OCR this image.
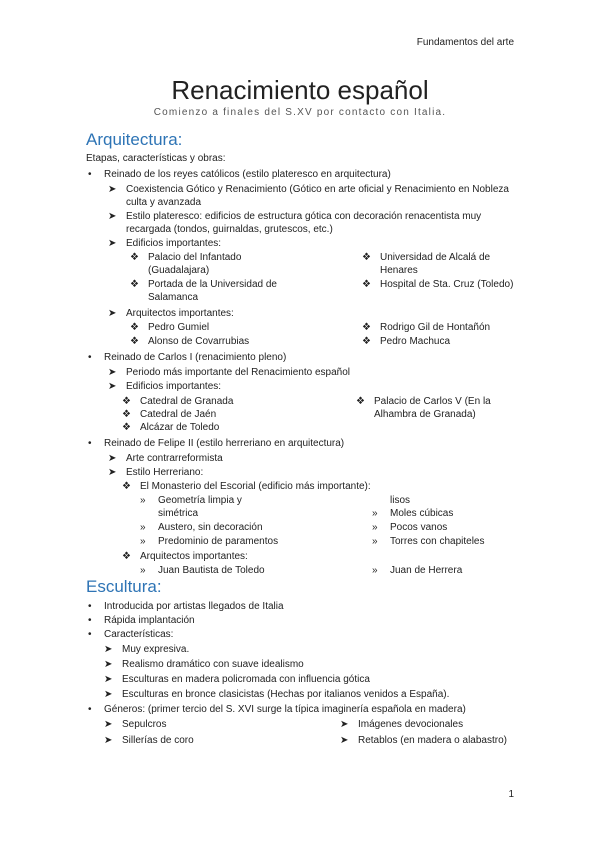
Fundamentos del arte
Renacimiento español
Comienzo a finales del S.XV por contacto con Italia.
Arquitectura:
Etapas, características y obras:
• Reinado de los reyes católicos (estilo plateresco en arquitectura)
➤ Coexistencia Gótico y Renacimiento (Gótico en arte oficial y Renacimiento en Nobleza
culta y avanzada
➤ Estilo plateresco: edificios de estructura gótica con decoración renacentista muy
recargada (tondos, guirnaldas, grutescos, etc.)
➤ Edificios importantes:
❖ Palacio del Infantado
(Guadalajara)
❖ Portada de la Universidad de
Salamanca
❖ Universidad de Alcalá de
Henares
❖ Hospital de Sta. Cruz (Toledo)
➤ Arquitectos importantes:
❖ Pedro Gumiel
❖ Alonso de Covarrubias
❖ Rodrigo Gil de Hontañón
❖ Pedro Machuca
• Reinado de Carlos I (renacimiento pleno)
➤ Periodo más importante del Renacimiento español
➤ Edificios importantes:
❖ Catedral de Granada
❖ Catedral de Jaén
❖ Alcázar de Toledo
❖ Palacio de Carlos V (En la
Alhambra de Granada)
• Reinado de Felipe II (estilo herreriano en arquitectura)
➤ Arte contrarreformista
➤ Estilo Herreriano:
❖ El Monasterio del Escorial (edificio más importante):
» Geometría limpia y
simétrica
» Austero, sin decoración
» Predominio de paramentos
lisos
» Moles cúbicas
» Pocos vanos
» Torres con chapiteles
❖ Arquitectos importantes:
» Juan Bautista de Toledo	» Juan de Herrera
Escultura:
• Introducida por artistas llegados de Italia
• Rápida implantación
• Características:
➤ Muy expresiva.
➤ Realismo dramático con suave idealismo
➤ Esculturas en madera policromada con influencia gótica
➤ Esculturas en bronce clasicistas (Hechas por italianos venidos a España).
• Géneros: (primer tercio del S. XVI surge la típica imaginería española en madera)
➤ Sepulcros
➤ Sillerías de coro
➤ Imágenes devocionales
➤ Retablos (en madera o alabastro)
1
